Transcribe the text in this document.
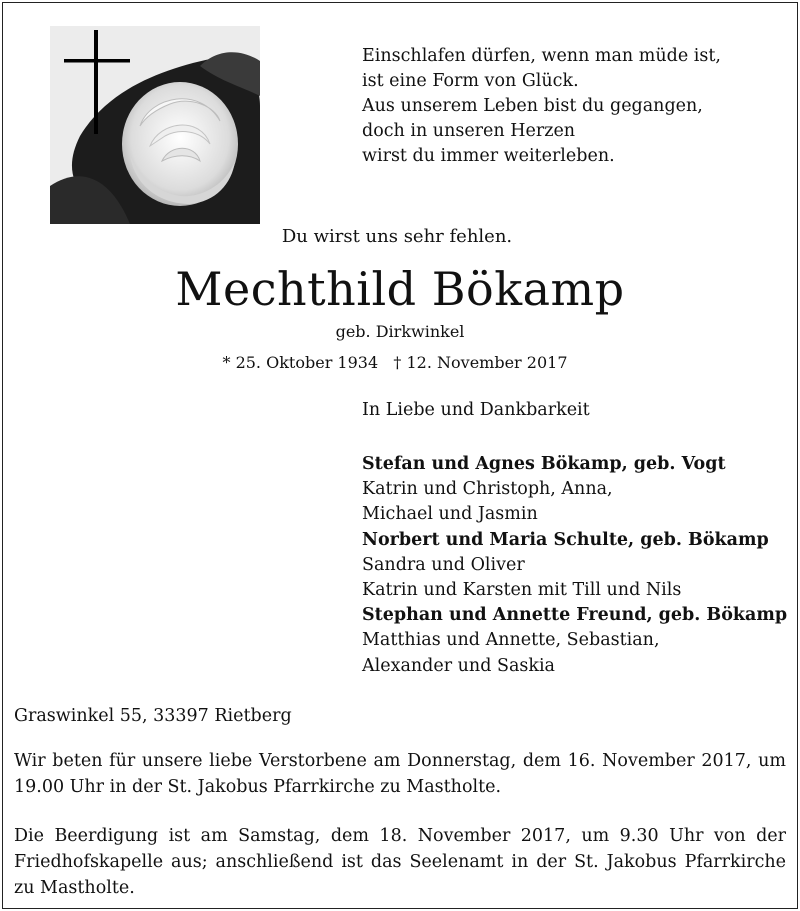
Einschlafen dürfen, wenn man müde ist,
ist eine Form von Glück.
Aus unserem Leben bist du gegangen,
doch in unseren Herzen
wirst du immer weiterleben.
Du wirst uns sehr fehlen.
Mechthild Bökamp
geb. Dirkwinkel
* 25. Oktober 1934   † 12. November 2017
In Liebe und Dankbarkeit
Stefan und Agnes Bökamp, geb. Vogt
Katrin und Christoph, Anna,
Michael und Jasmin
Norbert und Maria Schulte, geb. Bökamp
Sandra und Oliver
Katrin und Karsten mit Till und Nils
Stephan und Annette Freund, geb. Bökamp
Matthias und Annette, Sebastian,
Alexander und Saskia
Graswinkel 55, 33397 Rietberg
Wir beten für unsere liebe Verstorbene am Donnerstag, dem 16. November 2017, um 19.00 Uhr in der St. Jakobus Pfarrkirche zu Mastholte.
Die Beerdigung ist am Samstag, dem 18. November 2017, um 9.30 Uhr von der Friedhofskapelle aus; anschließend ist das Seelenamt in der St. Jakobus Pfarrkirche zu Mastholte.
